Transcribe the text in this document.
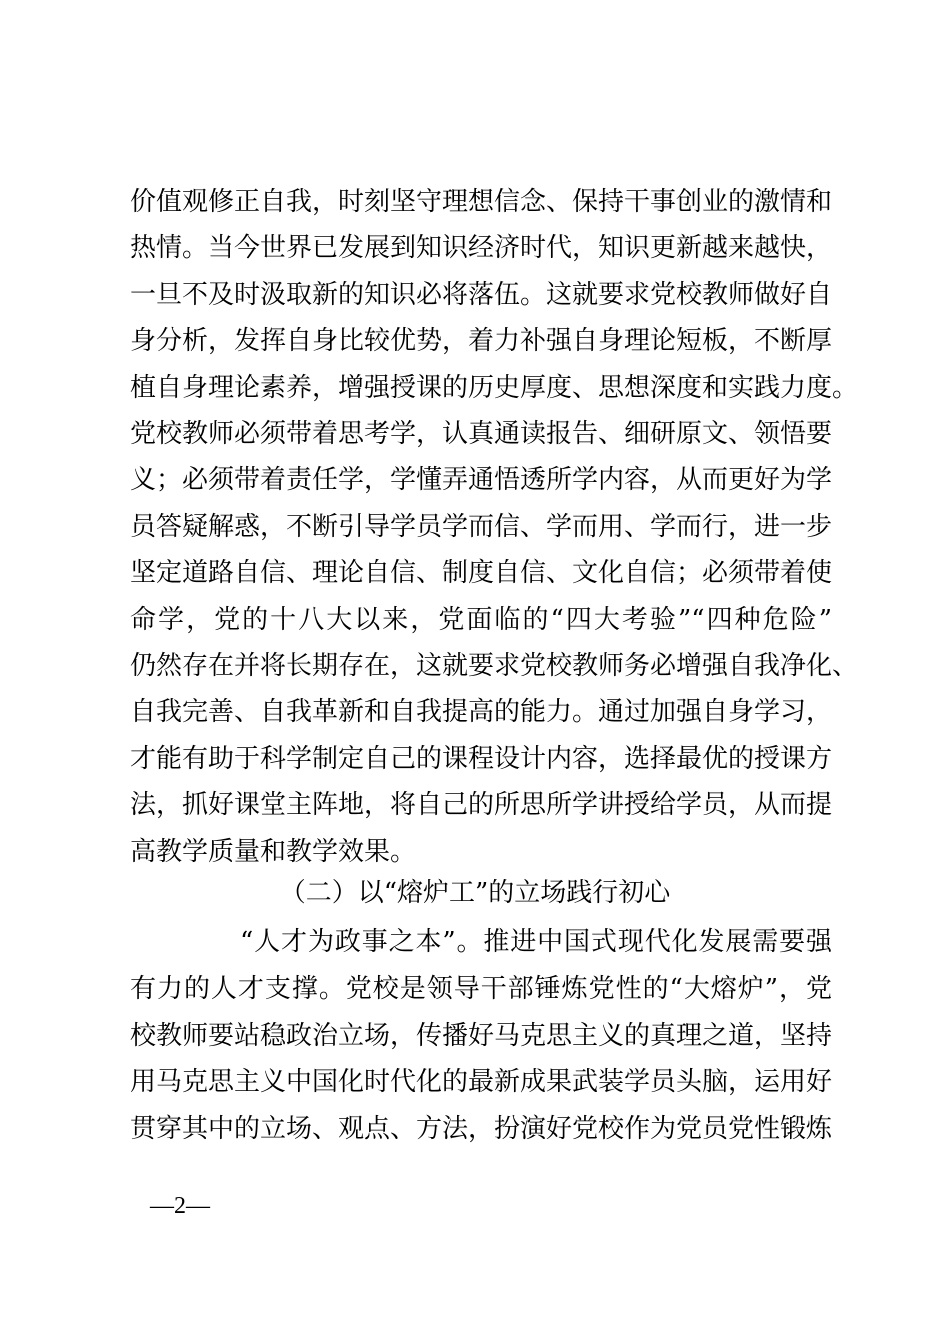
价值观修正自我，时刻坚守理想信念、保持干事创业的激情和
热情。当今世界已发展到知识经济时代，知识更新越来越快，
一旦不及时汲取新的知识必将落伍。这就要求党校教师做好自
身分析，发挥自身比较优势，着力补强自身理论短板，不断厚
植自身理论素养，增强授课的历史厚度、思想深度和实践力度。
党校教师必须带着思考学，认真通读报告、细研原文、领悟要
义；必须带着责任学，学懂弄通悟透所学内容，从而更好为学
员答疑解惑，不断引导学员学而信、学而用、学而行，进一步
坚定道路自信、理论自信、制度自信、文化自信；必须带着使
命学，党的十八大以来，党面临的“四大考验”“四种危险”
仍然存在并将长期存在，这就要求党校教师务必增强自我净化、
自我完善、自我革新和自我提高的能力。通过加强自身学习，
才能有助于科学制定自己的课程设计内容，选择最优的授课方
法，抓好课堂主阵地，将自己的所思所学讲授给学员，从而提
高教学质量和教学效果。
（二）以“熔炉工”的立场践行初心
“人才为政事之本”。推进中国式现代化发展需要强
有力的人才支撑。党校是领导干部锤炼党性的“大熔炉”，党
校教师要站稳政治立场，传播好马克思主义的真理之道，坚持
用马克思主义中国化时代化的最新成果武装学员头脑，运用好
贯穿其中的立场、观点、方法，扮演好党校作为党员党性锻炼
—2—
